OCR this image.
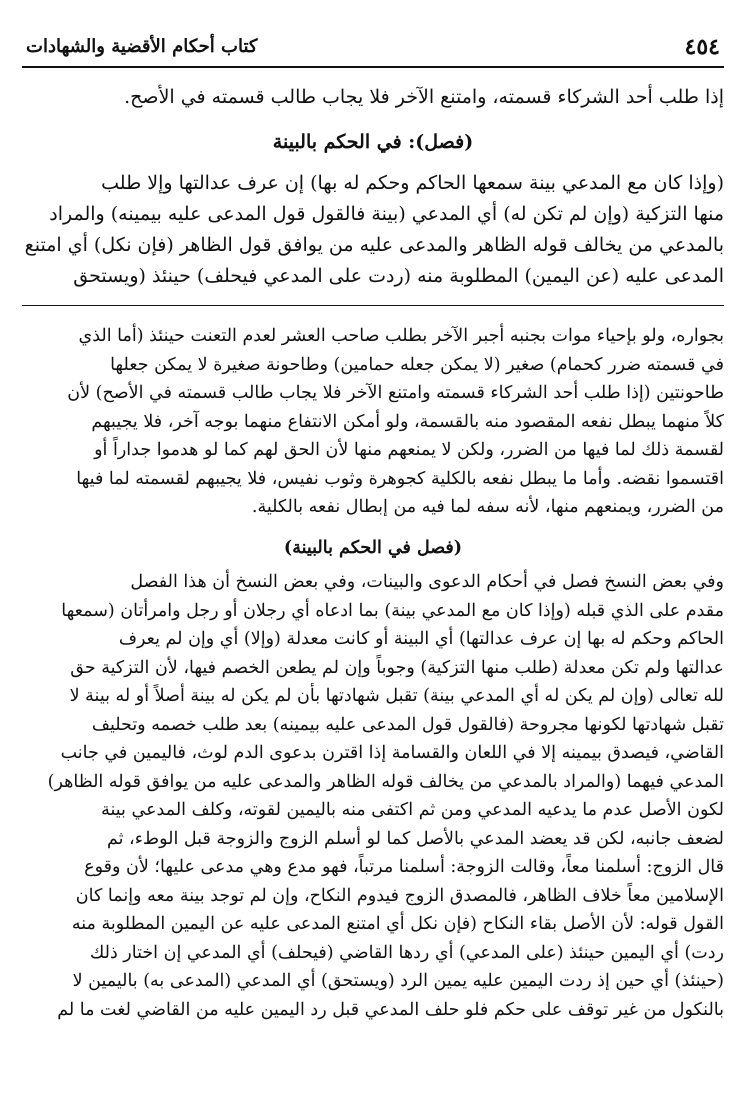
٤٥٤
كتاب أحكام الأقضية والشهادات
إذا طلب أحد الشركاء قسمته، وامتنع الآخر فلا يجاب طالب قسمته في الأصح.
(فصل): في الحكم بالبينة
(وإذا كان مع المدعي بينة سمعها الحاكم وحكم له بها) إن عرف عدالتها وإلا طلب
منها التزكية (وإن لم تكن له) أي المدعي (بينة فالقول قول المدعى عليه بيمينه) والمراد
بالمدعي من يخالف قوله الظاهر والمدعى عليه من يوافق قول الظاهر (فإن نكل) أي امتنع
المدعى عليه (عن اليمين) المطلوبة منه (ردت على المدعي فيحلف) حينئذ (ويستحق
بجواره، ولو بإحياء موات بجنبه أجبر الآخر بطلب صاحب العشر لعدم التعنت حينئذ (أما الذي
في قسمته ضرر كحمام) صغير (لا يمكن جعله حمامين) وطاحونة صغيرة لا يمكن جعلها
طاحونتين (إذا طلب أحد الشركاء قسمته وامتنع الآخر فلا يجاب طالب قسمته في الأصح) لأن
كلاً منهما يبطل نفعه المقصود منه بالقسمة، ولو أمكن الانتفاع منهما بوجه آخر، فلا يجيبهم
لقسمة ذلك لما فيها من الضرر، ولكن لا يمنعهم منها لأن الحق لهم كما لو هدموا جداراً أو
اقتسموا نقضه. وأما ما يبطل نفعه بالكلية كجوهرة وثوب نفيس، فلا يجيبهم لقسمته لما فيها
من الضرر، ويمنعهم منها، لأنه سفه لما فيه من إبطال نفعه بالكلية.
(فصل في الحكم بالبينة)
وفي بعض النسخ فصل في أحكام الدعوى والبينات، وفي بعض النسخ أن هذا الفصل
مقدم على الذي قبله (وإذا كان مع المدعي بينة) بما ادعاه أي رجلان أو رجل وامرأتان (سمعها
الحاكم وحكم له بها إن عرف عدالتها) أي البينة أو كانت معدلة (وإلا) أي وإن لم يعرف
عدالتها ولم تكن معدلة (طلب منها التزكية) وجوباً وإن لم يطعن الخصم فيها، لأن التزكية حق
لله تعالى (وإن لم يكن له أي المدعي بينة) تقبل شهادتها بأن لم يكن له بينة أصلاً أو له بينة لا
تقبل شهادتها لكونها مجروحة (فالقول قول المدعى عليه بيمينه) بعد طلب خصمه وتحليف
القاضي، فيصدق بيمينه إلا في اللعان والقسامة إذا اقترن بدعوى الدم لوث، فاليمين في جانب
المدعي فيهما (والمراد بالمدعي من يخالف قوله الظاهر والمدعى عليه من يوافق قوله الظاهر)
لكون الأصل عدم ما يدعيه المدعي ومن ثم اكتفى منه باليمين لقوته، وكلف المدعي بينة
لضعف جانبه، لكن قد يعضد المدعي بالأصل كما لو أسلم الزوج والزوجة قبل الوطء، ثم
قال الزوج: أسلمنا معاً، وقالت الزوجة: أسلمنا مرتباً، فهو مدع وهي مدعى عليها؛ لأن وقوع
الإسلامين معاً خلاف الظاهر، فالمصدق الزوج فيدوم النكاح، وإن لم توجد بينة معه وإنما كان
القول قوله: لأن الأصل بقاء النكاح (فإن نكل أي امتنع المدعى عليه عن اليمين المطلوبة منه
ردت) أي اليمين حينئذ (على المدعي) أي ردها القاضي (فيحلف) أي المدعي إن اختار ذلك
(حينئذ) أي حين إذ ردت اليمين عليه يمين الرد (ويستحق) أي المدعي (المدعى به) باليمين لا
بالنكول من غير توقف على حكم فلو حلف المدعي قبل رد اليمين عليه من القاضي لغت ما لم
